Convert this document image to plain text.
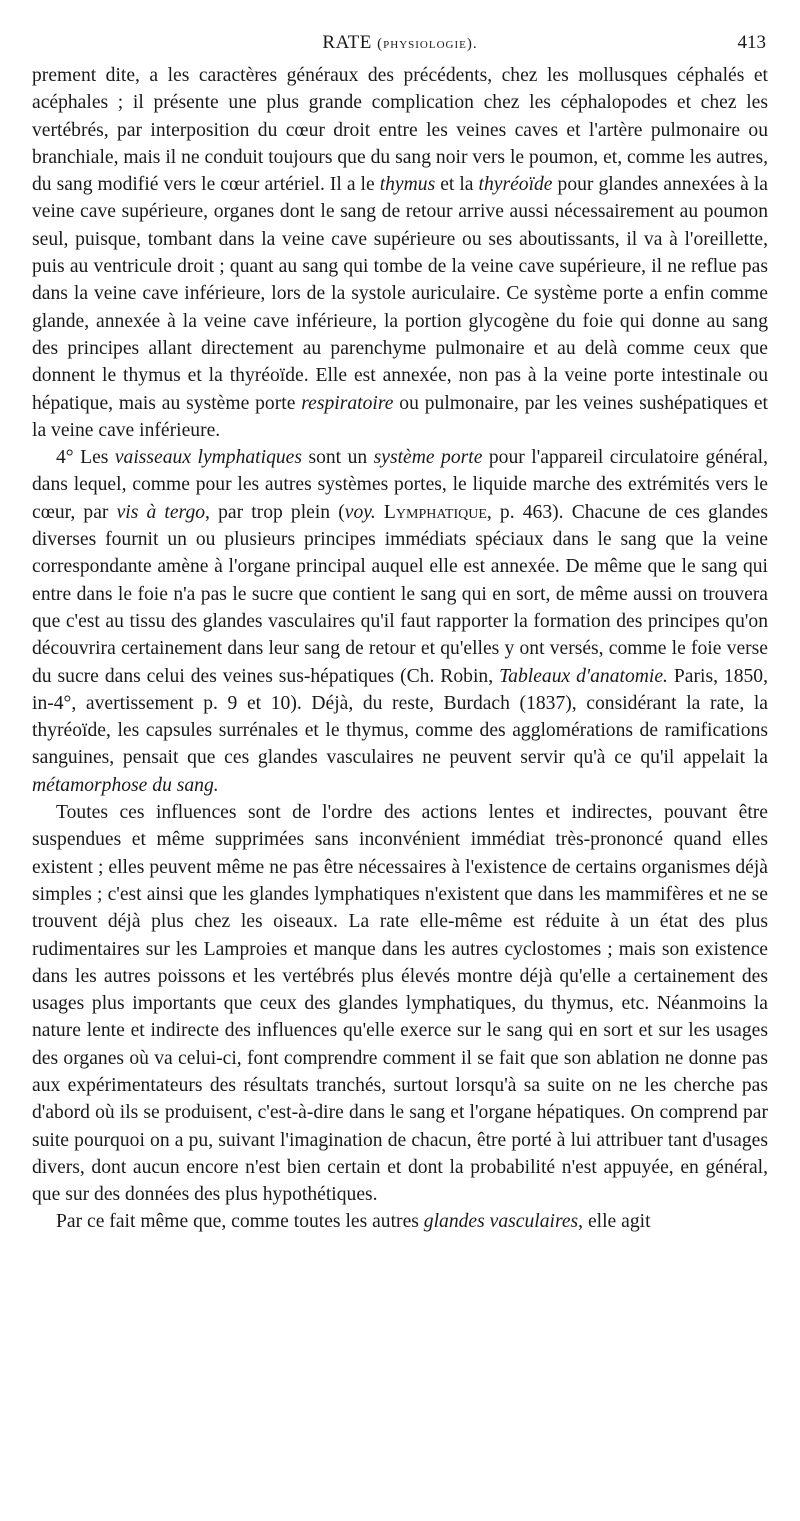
RATE (physiologie).	413

prement dite, a les caractères généraux des précédents, chez les mollusques céphalés et acéphales ; il présente une plus grande complication chez les céphalopodes et chez les vertébrés, par interposition du cœur droit entre les veines caves et l'artère pulmonaire ou branchiale, mais il ne conduit toujours que du sang noir vers le poumon, et, comme les autres, du sang modifié vers le cœur artériel. Il a le thymus et la thyréoïde pour glandes annexées à la veine cave supérieure, organes dont le sang de retour arrive aussi nécessairement au poumon seul, puisque, tombant dans la veine cave supérieure ou ses aboutissants, il va à l'oreillette, puis au ventricule droit ; quant au sang qui tombe de la veine cave supérieure, il ne reflue pas dans la veine cave inférieure, lors de la systole auriculaire. Ce système porte a enfin comme glande, annexée à la veine cave inférieure, la portion glycogène du foie qui donne au sang des principes allant directement au parenchyme pulmonaire et au delà comme ceux que donnent le thymus et la thyréoïde. Elle est annexée, non pas à la veine porte intestinale ou hépatique, mais au système porte respiratoire ou pulmonaire, par les veines sushépatiques et la veine cave inférieure.

4° Les vaisseaux lymphatiques sont un système porte pour l'appareil circulatoire général, dans lequel, comme pour les autres systèmes portes, le liquide marche des extrémités vers le cœur, par vis à tergo, par trop plein (voy. Lymphatique, p. 463). Chacune de ces glandes diverses fournit un ou plusieurs principes immédiats spéciaux dans le sang que la veine correspondante amène à l'organe principal auquel elle est annexée. De même que le sang qui entre dans le foie n'a pas le sucre que contient le sang qui en sort, de même aussi on trouvera que c'est au tissu des glandes vasculaires qu'il faut rapporter la formation des principes qu'on découvrira certainement dans leur sang de retour et qu'elles y ont versés, comme le foie verse du sucre dans celui des veines sus-hépatiques (Ch. Robin, Tableaux d'anatomie. Paris, 1850, in-4°, avertissement p. 9 et 10). Déjà, du reste, Burdach (1837), considérant la rate, la thyréoïde, les capsules surrénales et le thymus, comme des agglomérations de ramifications sanguines, pensait que ces glandes vasculaires ne peuvent servir qu'à ce qu'il appelait la métamorphose du sang.

Toutes ces influences sont de l'ordre des actions lentes et indirectes, pouvant être suspendues et même supprimées sans inconvénient immédiat très-prononcé quand elles existent ; elles peuvent même ne pas être nécessaires à l'existence de certains organismes déjà simples ; c'est ainsi que les glandes lymphatiques n'existent que dans les mammifères et ne se trouvent déjà plus chez les oiseaux. La rate elle-même est réduite à un état des plus rudimentaires sur les Lamproies et manque dans les autres cyclostomes ; mais son existence dans les autres poissons et les vertébrés plus élevés montre déjà qu'elle a certainement des usages plus importants que ceux des glandes lymphatiques, du thymus, etc. Néanmoins la nature lente et indirecte des influences qu'elle exerce sur le sang qui en sort et sur les usages des organes où va celui-ci, font comprendre comment il se fait que son ablation ne donne pas aux expérimentateurs des résultats tranchés, surtout lorsqu'à sa suite on ne les cherche pas d'abord où ils se produisent, c'est-à-dire dans le sang et l'organe hépatiques. On comprend par suite pourquoi on a pu, suivant l'imagination de chacun, être porté à lui attribuer tant d'usages divers, dont aucun encore n'est bien certain et dont la probabilité n'est appuyée, en général, que sur des données des plus hypothétiques.

Par ce fait même que, comme toutes les autres glandes vasculaires, elle agit
